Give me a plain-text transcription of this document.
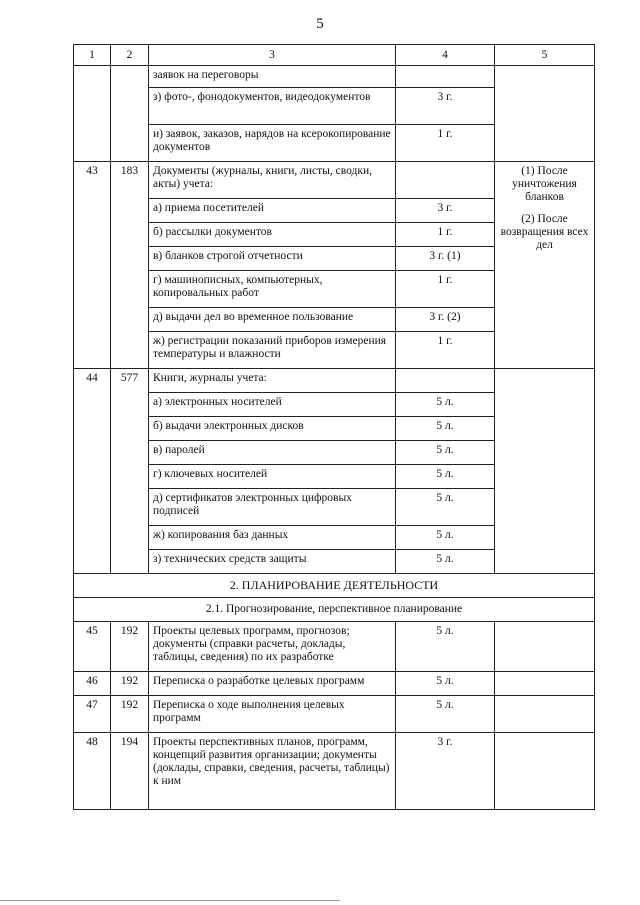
5
1	2	3	4	5
		заявок на переговоры		
		з) фото-, фонодокументов, видеодокументов	3 г.	
		и) заявок, заказов, нарядов на ксерокопирование документов	1 г.	
43	183	Документы (журналы, книги, листы, сводки, акты) учета:		(1) После уничтожения бланков
(2) После возвращения всех дел

		а) приема посетителей	3 г.	
		б) рассылки документов	1 г.	
		в) бланков строгой отчетности	3 г. (1)	
		г) машинописных, компьютерных, копировальных работ	1 г.	
		д) выдачи дел во временное пользование	3 г. (2)	
		ж) регистрации показаний приборов измерения температуры и влажности	1 г.	
44	577	Книги, журналы учета:		
		а) электронных носителей	5 л.	
		б) выдачи электронных дисков	5 л.	
		в) паролей	5 л.	
		г) ключевых носителей	5 л.	
		д) сертификатов электронных цифровых подписей	5 л.	
		ж) копирования баз данных	5 л.	
		з) технических средств защиты	5 л.	
2. ПЛАНИРОВАНИЕ ДЕЯТЕЛЬНОСТИ				
2.1. Прогнозирование, перспективное планирование				
45	192	Проекты целевых программ, прогнозов; документы (справки расчеты, доклады, таблицы, сведения) по их разработке	5 л.	
46	192	Переписка о разработке целевых программ	5 л.	
47	192	Переписка о ходе выполнения целевых программ	5 л.	
48	194	Проекты перспективных планов, программ, концепций развития организации; документы (доклады, справки, сведения, расчеты, таблицы) к ним	3 г.	
